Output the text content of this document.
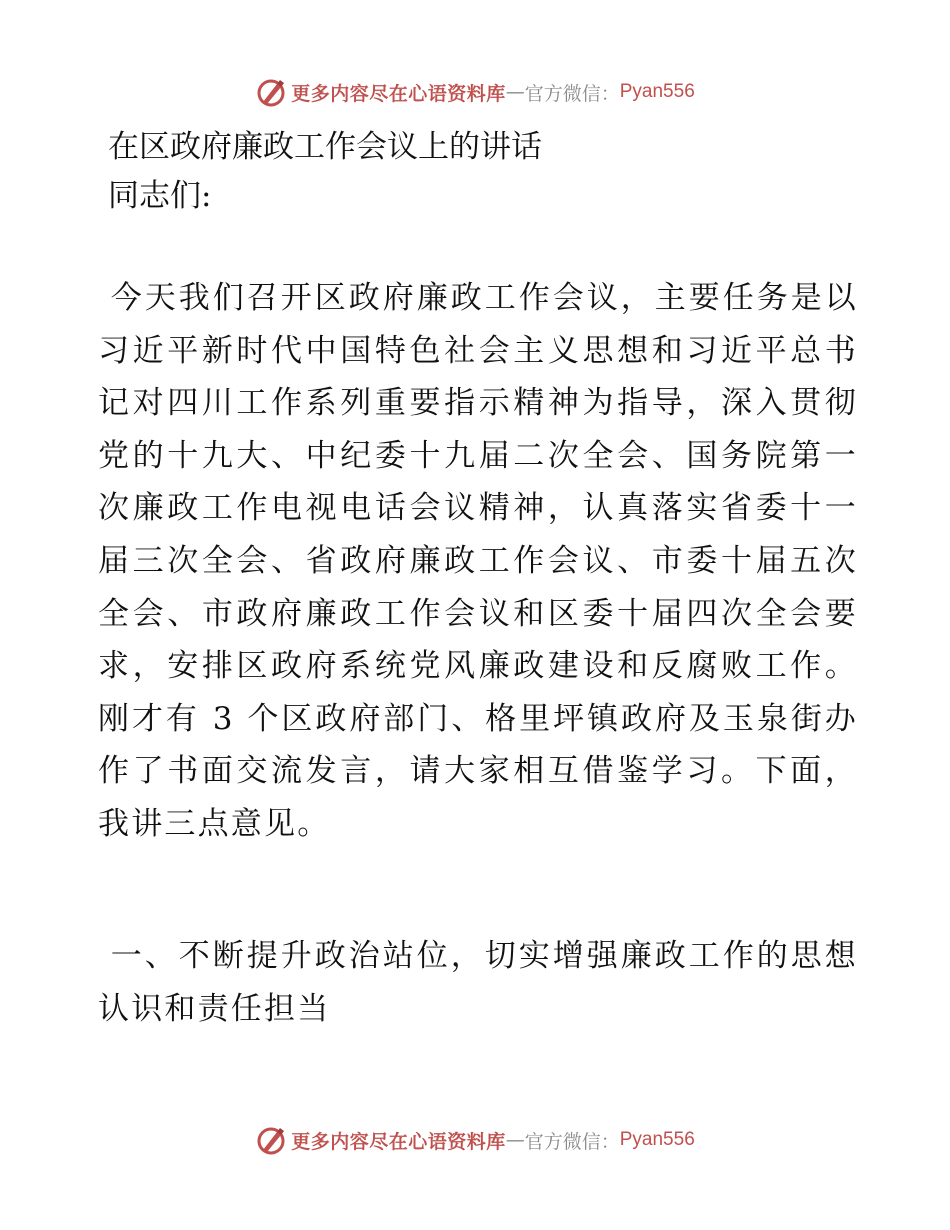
更多内容尽在心语资料库 — 官方微信： Pyan556
在区政府廉政工作会议上的讲话

同志们:

今天我们召开区政府廉政工作会议，主要任务是以习近平新时代中国特色社会主义思想和习近平总书记对四川工作系列重要指示精神为指导，深入贯彻党的十九大、中纪委十九届二次全会、国务院第一次廉政工作电视电话会议精神，认真落实省委十一届三次全会、省政府廉政工作会议、市委十届五次全会、市政府廉政工作会议和区委十届四次全会要求，安排区政府系统党风廉政建设和反腐败工作。刚才有 3 个区政府部门、格里坪镇政府及玉泉街办作了书面交流发言，请大家相互借鉴学习。下面，我讲三点意见。

一、不断提升政治站位，切实增强廉政工作的思想认识和责任担当

更多内容尽在心语资料库 — 官方微信： Pyan556
